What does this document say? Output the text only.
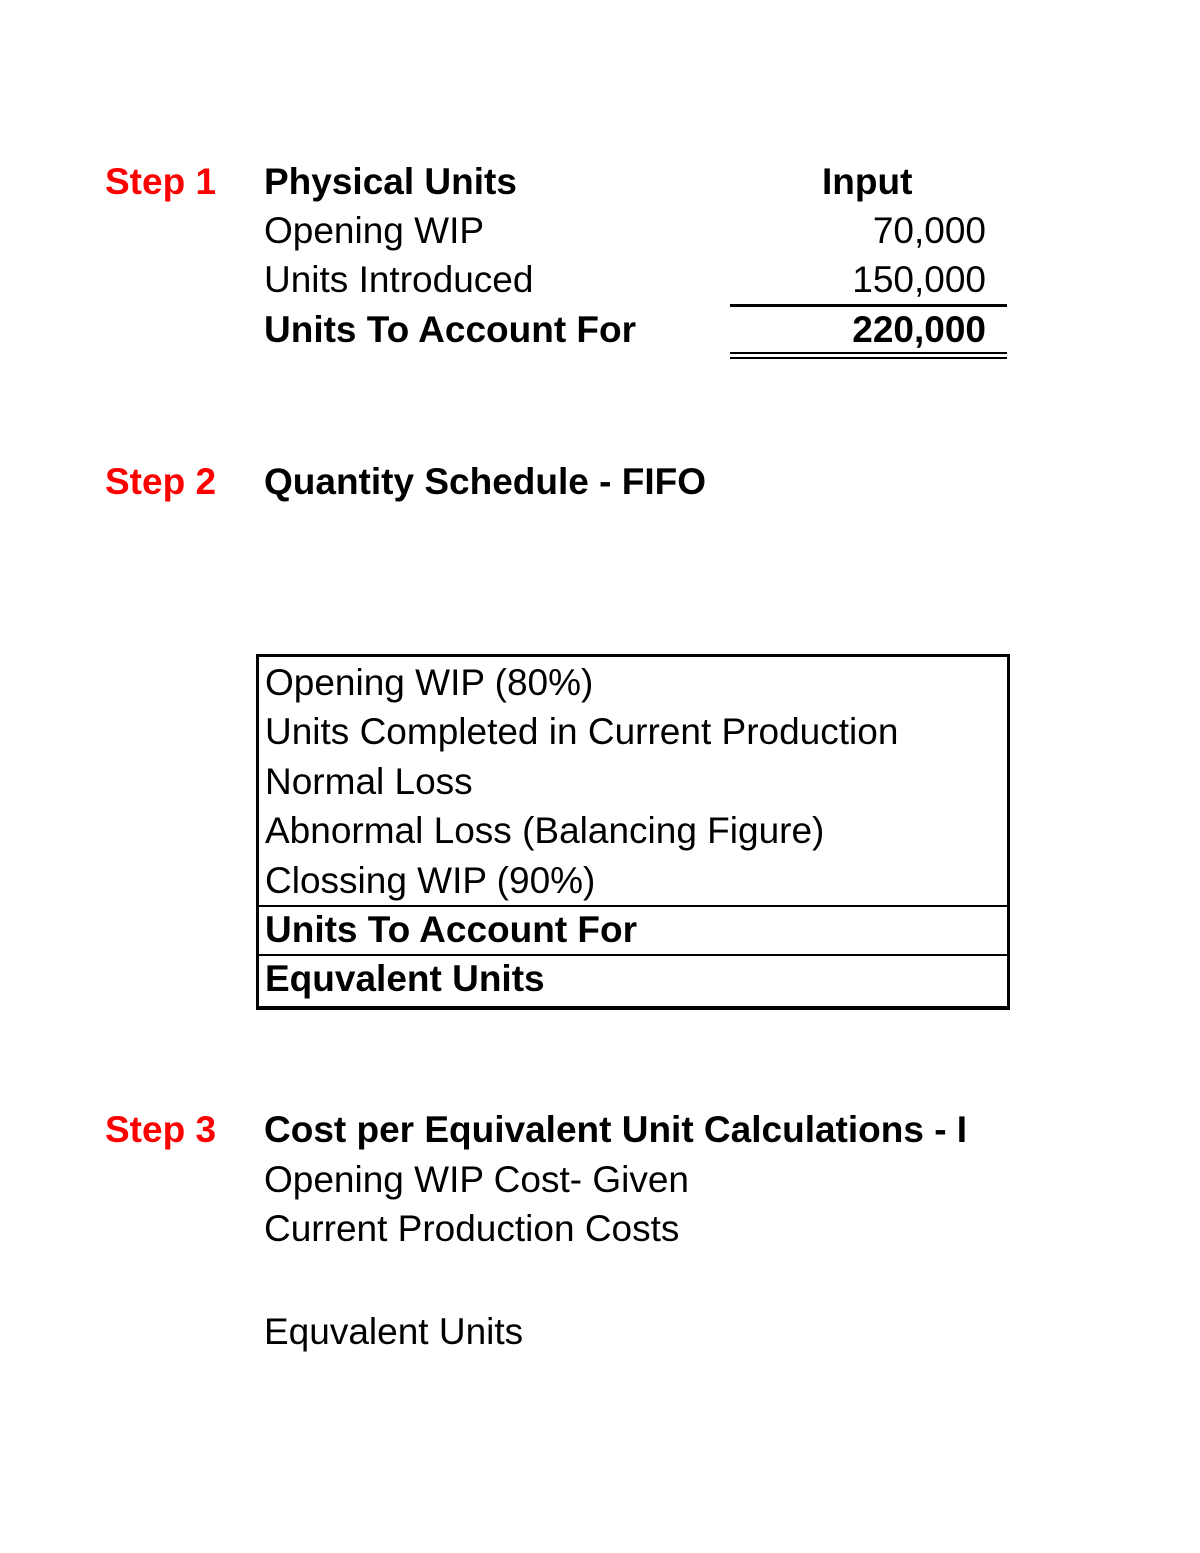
Step 1 Physical Units	Input
Opening WIP	70,000
Units Introduced	150,000
Units To Account For	220,000
Step 2 Quantity Schedule - FIFO
Opening WIP (80%)
Units Completed in Current Production
Normal Loss
Abnormal Loss (Balancing Figure)
Clossing WIP (90%)
Units To Account For
Equvalent Units
Step 3 Cost per Equivalent Unit Calculations - I
Opening WIP Cost- Given
Current Production Costs
Equvalent Units
